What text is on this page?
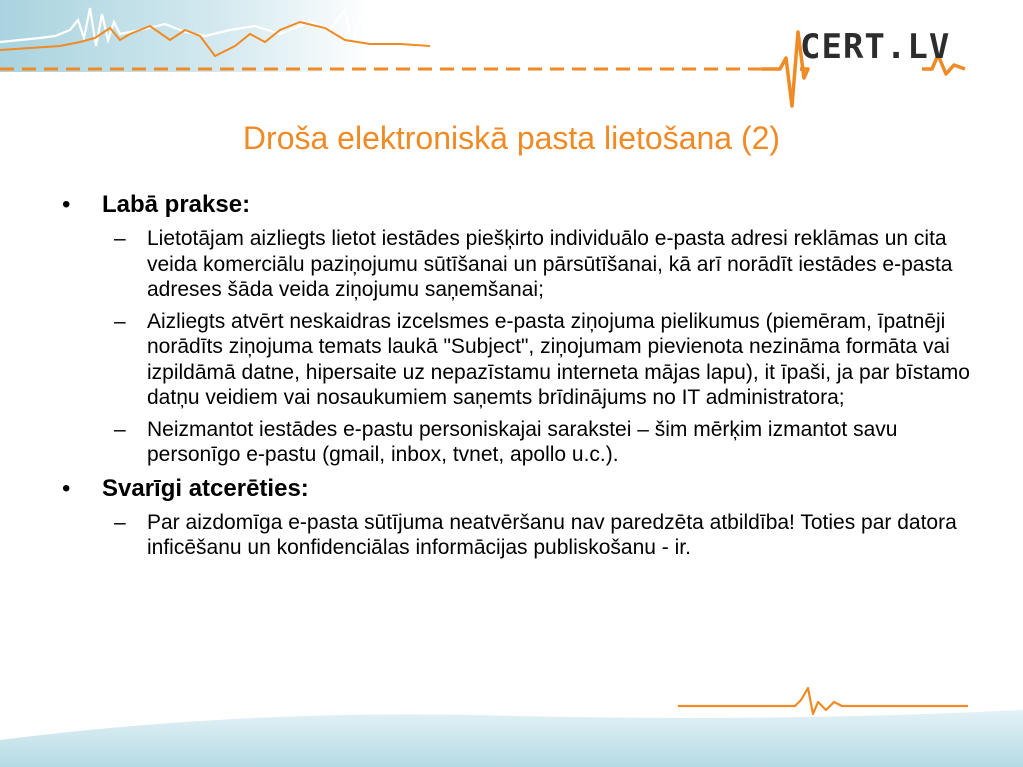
CERT.LV
Droša elektroniskā pasta lietošana (2)
• Labā prakse:
– Lietotājam aizliegts lietot iestādes piešķirto individuālo e-pasta adresi reklāmas un cita veida komerciālu paziņojumu sūtīšanai un pārsūtīšanai, kā arī norādīt iestādes e-pasta adreses šāda veida ziņojumu saņemšanai;
– Aizliegts atvērt neskaidras izcelsmes e-pasta ziņojuma pielikumus (piemēram, īpatnēji norādīts ziņojuma temats laukā "Subject", ziņojumam pievienota nezināma formāta vai izpildāmā datne, hipersaite uz nepazīstamu interneta mājas lapu), it īpaši, ja par bīstamo datņu veidiem vai nosaukumiem saņemts brīdinājums no IT administratora;
– Neizmantot iestādes e-pastu personiskajai sarakstei – šim mērķim izmantot savu personīgo e-pastu (gmail, inbox, tvnet, apollo u.c.).
• Svarīgi atcerēties:
– Par aizdomīga e-pasta sūtījuma neatvēršanu nav paredzēta atbildība! Toties par datora inficēšanu un konfidenciālas informācijas publiskošanu - ir.
